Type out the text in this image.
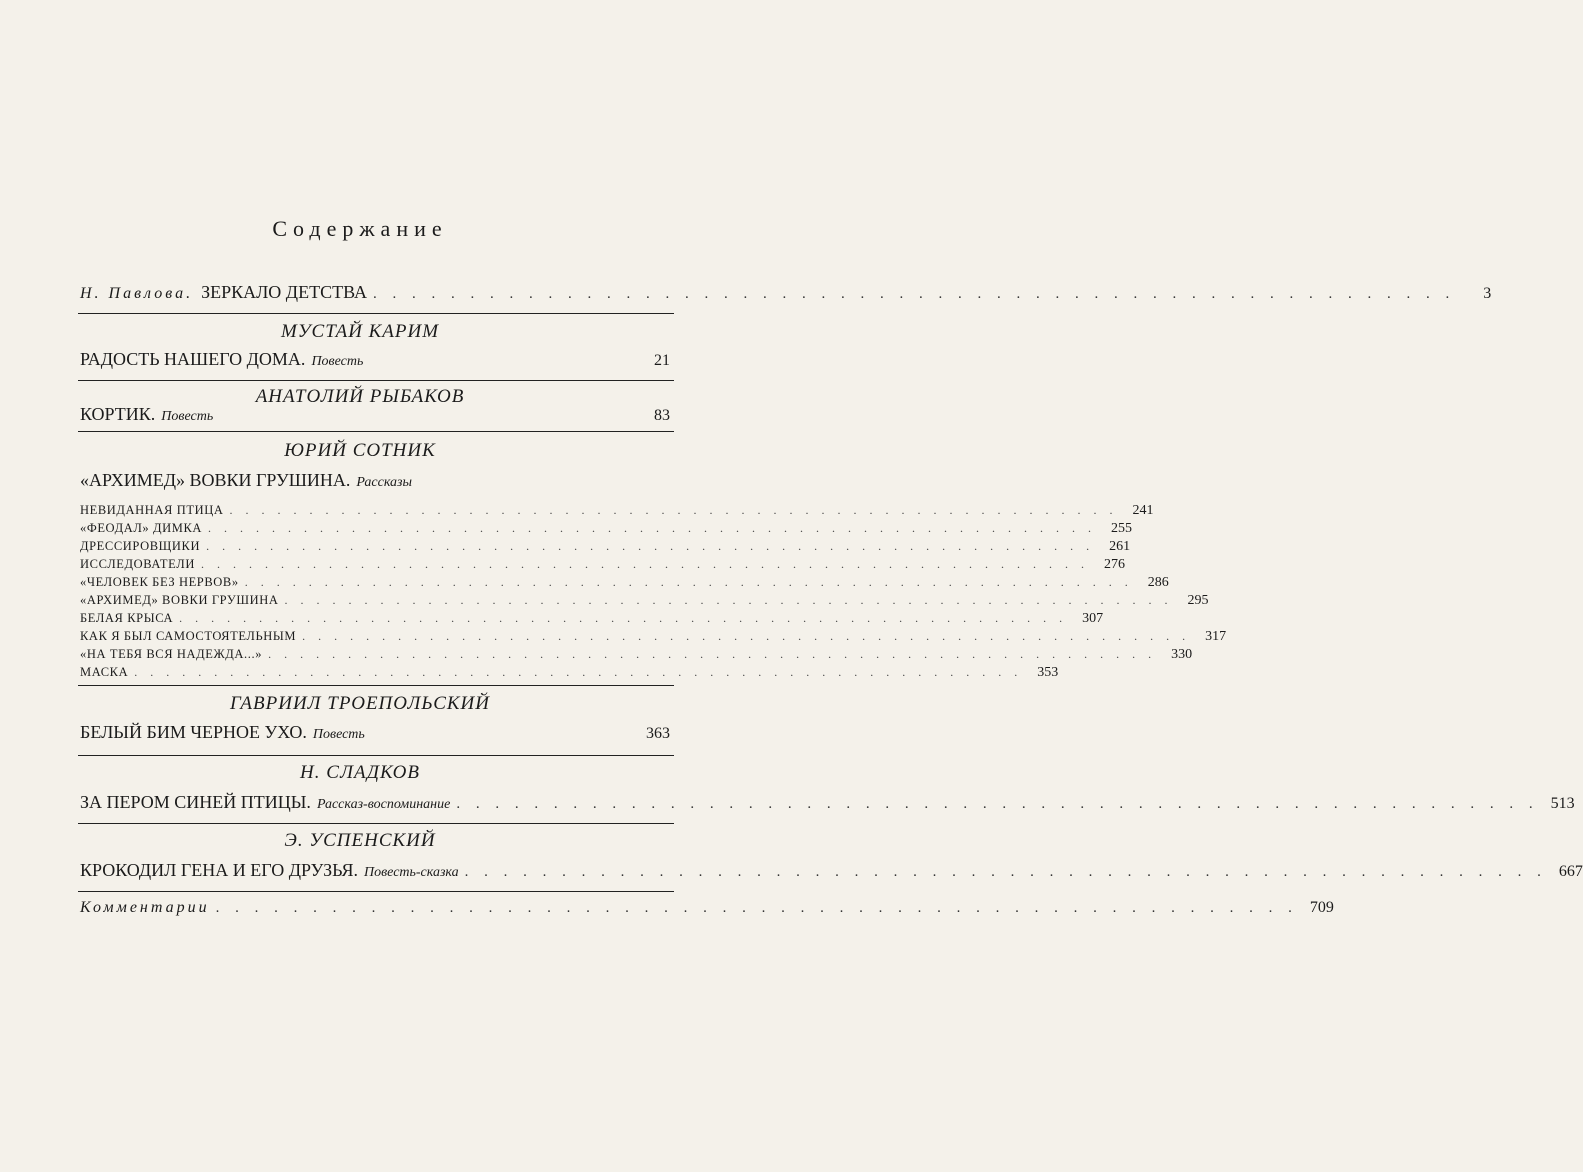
Содержание
Н. Павлова. ЗЕРКАЛО ДЕТСТВА . . . . . . . . . . . . . . . . . . . . . . . . . . . . . . . . . . . . . . . . . . . . . . . . . . . . . . . .	3
МУСТАЙ КАРИМ
РАДОСТЬ НАШЕГО ДОМА. Повесть	21
АНАТОЛИЙ РЫБАКОВ
КОРТИК. Повесть	83
ЮРИЙ СОТНИК
«АРХИМЕД» ВОВКИ ГРУШИНА. Рассказы
НЕВИДАННАЯ ПТИЦА . . . . . . . . . . . . . . . . . . . . . . . . . . . . . . . . . . . . . . . . . . . . . . . . . . . . . . . .	241
«ФЕОДАЛ» ДИМКА . . . . . . . . . . . . . . . . . . . . . . . . . . . . . . . . . . . . . . . . . . . . . . . . . . . . . . . .	255
ДРЕССИРОВЩИКИ . . . . . . . . . . . . . . . . . . . . . . . . . . . . . . . . . . . . . . . . . . . . . . . . . . . . . . . .	261
ИССЛЕДОВАТЕЛИ . . . . . . . . . . . . . . . . . . . . . . . . . . . . . . . . . . . . . . . . . . . . . . . . . . . . . . . .	276
«ЧЕЛОВЕК БЕЗ НЕРВОВ» . . . . . . . . . . . . . . . . . . . . . . . . . . . . . . . . . . . . . . . . . . . . . . . . . . . . . . . .	286
«АРХИМЕД» ВОВКИ ГРУШИНА . . . . . . . . . . . . . . . . . . . . . . . . . . . . . . . . . . . . . . . . . . . . . . . . . . . . . . . .	295
БЕЛАЯ КРЫСА . . . . . . . . . . . . . . . . . . . . . . . . . . . . . . . . . . . . . . . . . . . . . . . . . . . . . . . .	307
КАК Я БЫЛ САМОСТОЯТЕЛЬНЫМ . . . . . . . . . . . . . . . . . . . . . . . . . . . . . . . . . . . . . . . . . . . . . . . . . . . . . . . .	317
«НА ТЕБЯ ВСЯ НАДЕЖДА...» . . . . . . . . . . . . . . . . . . . . . . . . . . . . . . . . . . . . . . . . . . . . . . . . . . . . . . . .	330
МАСКА . . . . . . . . . . . . . . . . . . . . . . . . . . . . . . . . . . . . . . . . . . . . . . . . . . . . . . . .	353
ГАВРИИЛ ТРОЕПОЛЬСКИЙ
БЕЛЫЙ БИМ ЧЕРНОЕ УХО. Повесть	363
Н. СЛАДКОВ
ЗА ПЕРОМ СИНЕЙ ПТИЦЫ. Рассказ-воспоминание . . . . . . . . . . . . . . . . . . . . . . . . . . . . . . . . . . . . . . . . . . . . . . . . . . . . . . . . 513
Э. УСПЕНСКИЙ
КРОКОДИЛ ГЕНА И ЕГО ДРУЗЬЯ. Повесть-сказка . . . . . . . . . . . . . . . . . . . . . . . . . . . . . . . . . . . . . . . . . . . . . . . . . . . . . . . . 667
Комментарии . . . . . . . . . . . . . . . . . . . . . . . . . . . . . . . . . . . . . . . . . . . . . . . . . . . . . . . . 709
